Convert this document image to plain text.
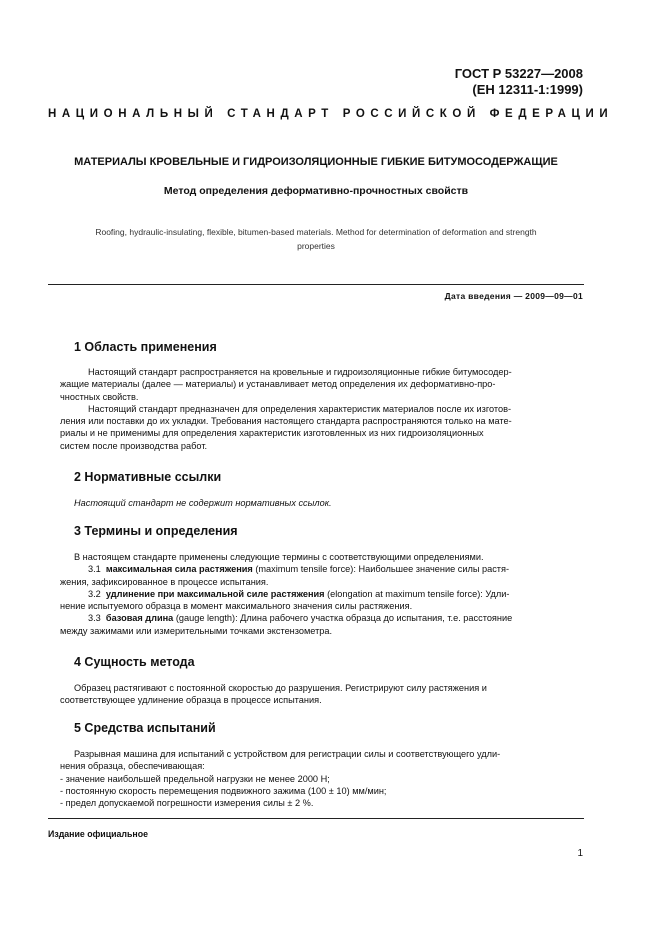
ГОСТ Р 53227—2008
(ЕН 12311-1:1999)
НАЦИОНАЛЬНЫЙ СТАНДАРТ РОССИЙСКОЙ ФЕДЕРАЦИИ
МАТЕРИАЛЫ КРОВЕЛЬНЫЕ И ГИДРОИЗОЛЯЦИОННЫЕ ГИБКИЕ БИТУМОСОДЕРЖАЩИЕ
Метод определения деформативно-прочностных свойств
Roofing, hydraulic-insulating, flexible, bitumen-based materials. Method for determination of deformation and strength
properties
Дата введения — 2009—09—01
1 Область применения
Настоящий стандарт распространяется на кровельные и гидроизоляционные гибкие битумосодер-
жащие материалы (далее — материалы) и устанавливает метод определения их деформативно-про-
чностных свойств.
Настоящий стандарт предназначен для определения характеристик материалов после их изготов-
ления или поставки до их укладки. Требования настоящего стандарта распространяются только на мате-
риалы и не применимы для определения характеристик изготовленных из них гидроизоляционных
систем после производства работ.
2 Нормативные ссылки
Настоящий стандарт не содержит нормативных ссылок.
3 Термины и определения
В настоящем стандарте применены следующие термины с соответствующими определениями.
3.1 максимальная сила растяжения (maximum tensile force): Наибольшее значение силы растя-
жения, зафиксированное в процессе испытания.
3.2 удлинение при максимальной силе растяжения (elongation at maximum tensile force): Удли-
нение испытуемого образца в момент максимального значения силы растяжения.
3.3 базовая длина (gauge length): Длина рабочего участка образца до испытания, т.е. расстояние
между зажимами или измерительными точками экстензометра.
4 Сущность метода
Образец растягивают с постоянной скоростью до разрушения. Регистрируют силу растяжения и
соответствующее удлинение образца в процессе испытания.
5 Средства испытаний
Разрывная машина для испытаний с устройством для регистрации силы и соответствующего удли-
нения образца, обеспечивающая:
- значение наибольшей предельной нагрузки не менее 2000 Н;
- постоянную скорость перемещения подвижного зажима (100 ± 10) мм/мин;
- предел допускаемой погрешности измерения силы ± 2 %.
Издание официальное
1
